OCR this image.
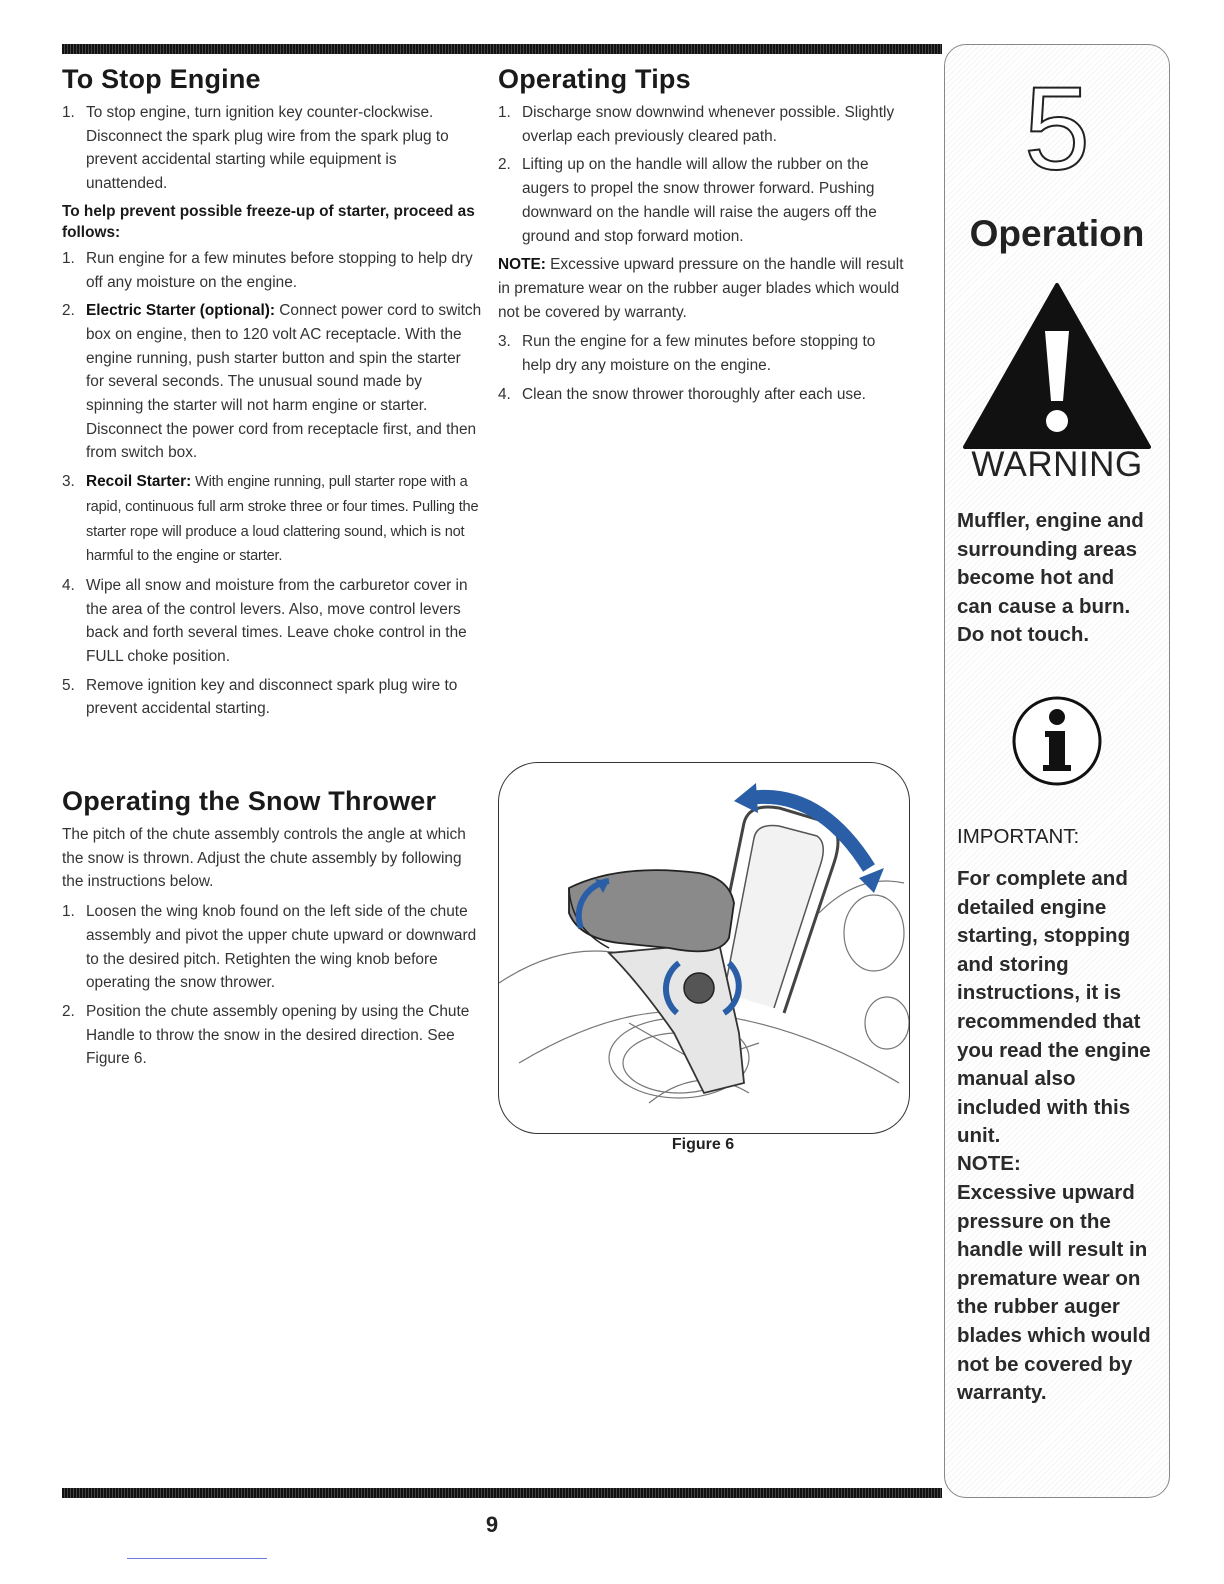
To Stop Engine
1. To stop engine, turn ignition key counter-clockwise. Disconnect the spark plug wire from the spark plug to prevent accidental starting while equipment is unattended.
To help prevent possible freeze-up of starter, proceed as follows:
1. Run engine for a few minutes before stopping to help dry off any moisture on the engine.
2. Electric Starter (optional): Connect power cord to switch box on engine, then to 120 volt AC receptacle. With the engine running, push starter button and spin the starter for several seconds. The unusual sound made by spinning the starter will not harm engine or starter. Disconnect the power cord from receptacle first, and then from switch box.
3. Recoil Starter: With engine running, pull starter rope with a rapid, continuous full arm stroke three or four times. Pulling the starter rope will produce a loud clattering sound, which is not harmful to the engine or starter.
4. Wipe all snow and moisture from the carburetor cover in the area of the control levers. Also, move control levers back and forth several times. Leave choke control in the FULL choke position.
5. Remove ignition key and disconnect spark plug wire to prevent accidental starting.
Operating the Snow Thrower

The pitch of the chute assembly controls the angle at which the snow is thrown. Adjust the chute assembly by following the instructions below.

1. Loosen the wing knob found on the left side of the chute assembly and pivot the upper chute upward or downward to the desired pitch. Retighten the wing knob before operating the snow thrower.
2. Position the chute assembly opening by using the Chute Handle to throw the snow in the desired direction. See Figure 6.
Operating Tips
1. Discharge snow downwind whenever possible. Slightly overlap each previously cleared path.
2. Lifting up on the handle will allow the rubber on the augers to propel the snow thrower forward. Pushing downward on the handle will raise the augers off the ground and stop forward motion.

NOTE: Excessive upward pressure on the handle will result in premature wear on the rubber auger blades which would not be covered by warranty.

3. Run the engine for a few minutes before stopping to help dry any moisture on the engine.
4. Clean the snow thrower thoroughly after each use.
Figure 6
9
5
Operation
WARNING
Muffler, engine and surrounding areas become hot and can cause a burn. Do not touch.
IMPORTANT:
For complete and detailed engine starting, stopping and storing instructions, it is recommended that you read the engine manual also included with this unit.
NOTE:
Excessive upward pressure on the handle will result in premature wear on the rubber auger blades which would not be covered by warranty.
